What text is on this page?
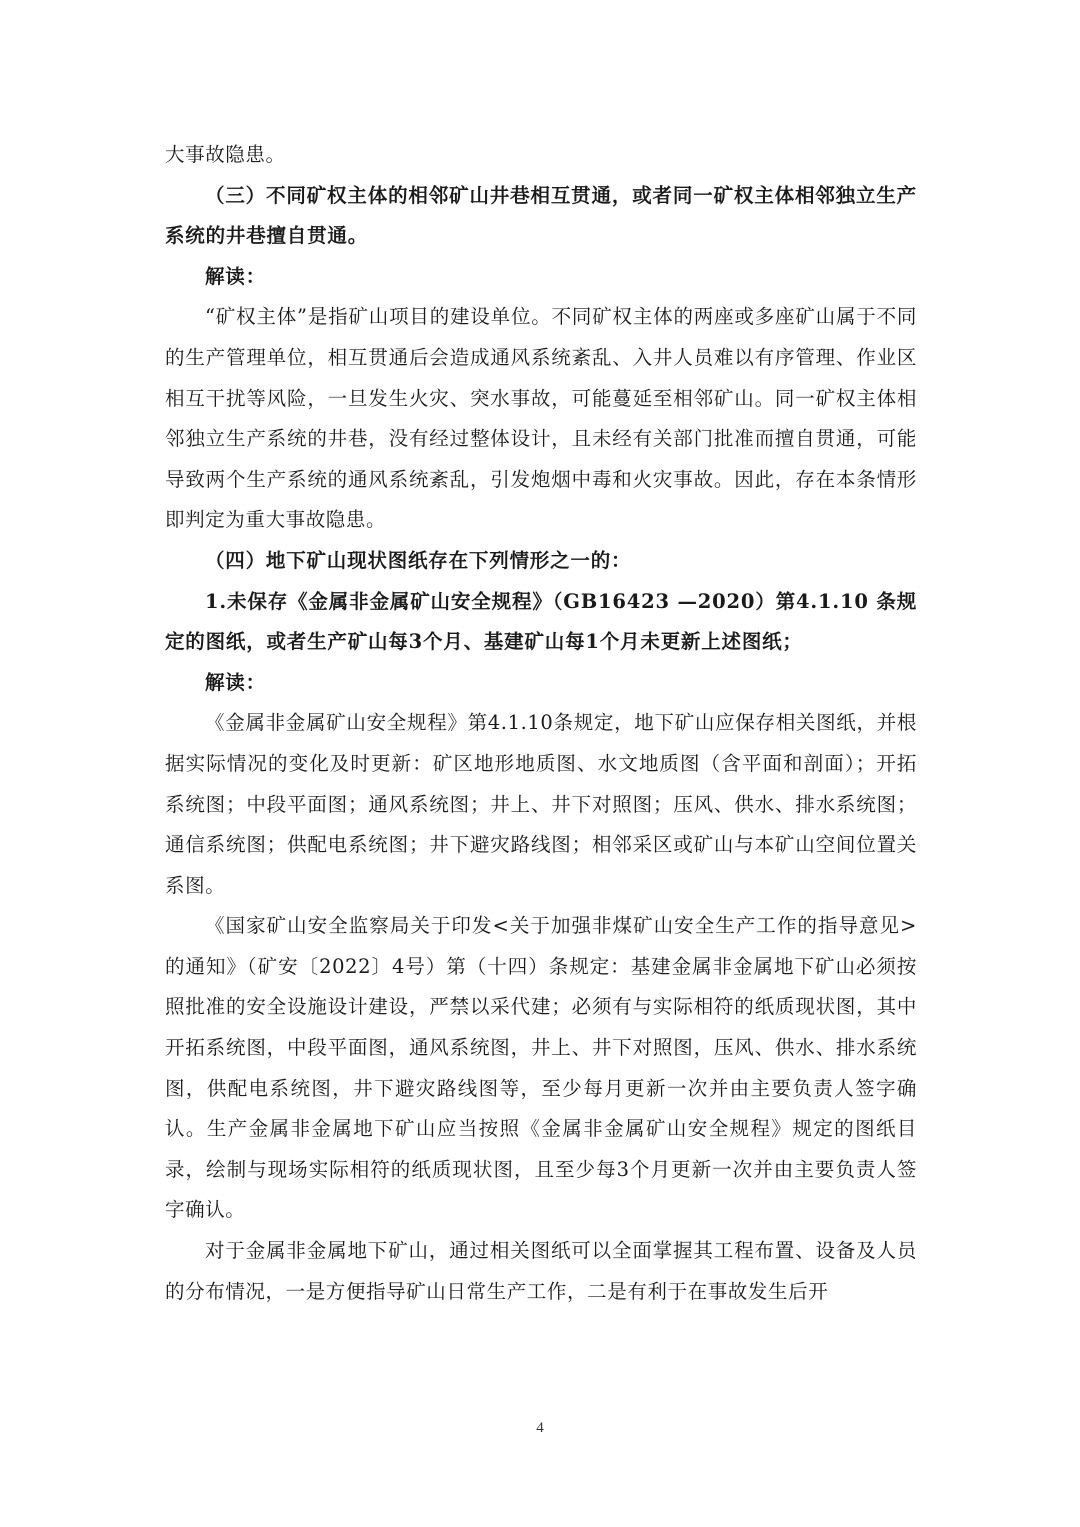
大事故隐患。

（三）不同矿权主体的相邻矿山井巷相互贯通，或者同一矿权主体相邻独立生产系统的井巷擅自贯通。

解读：

“矿权主体”是指矿山项目的建设单位。不同矿权主体的两座或多座矿山属于不同的生产管理单位，相互贯通后会造成通风系统紊乱、入井人员难以有序管理、作业区相互干扰等风险，一旦发生火灾、突水事故，可能蔓延至相邻矿山。同一矿权主体相邻独立生产系统的井巷，没有经过整体设计，且未经有关部门批准而擅自贯通，可能导致两个生产系统的通风系统紊乱，引发炮烟中毒和火灾事故。因此，存在本条情形即判定为重大事故隐患。

（四）地下矿山现状图纸存在下列情形之一的：

1.未保存《金属非金属矿山安全规程》（GB16423 —2020）第4.1.10 条规定的图纸，或者生产矿山每3个月、基建矿山每1个月未更新上述图纸；

解读：

《金属非金属矿山安全规程》第4.1.10条规定，地下矿山应保存相关图纸，并根据实际情况的变化及时更新：矿区地形地质图、水文地质图（含平面和剖面）；开拓系统图；中段平面图；通风系统图；井上、井下对照图；压风、供水、排水系统图；通信系统图；供配电系统图；井下避灾路线图；相邻采区或矿山与本矿山空间位置关系图。

《国家矿山安全监察局关于印发<关于加强非煤矿山安全生产工作的指导意见>的通知》（矿安〔2022〕4号）第（十四）条规定：基建金属非金属地下矿山必须按照批准的安全设施设计建设，严禁以采代建；必须有与实际相符的纸质现状图，其中开拓系统图，中段平面图，通风系统图，井上、井下对照图，压风、供水、排水系统图，供配电系统图，井下避灾路线图等，至少每月更新一次并由主要负责人签字确认。生产金属非金属地下矿山应当按照《金属非金属矿山安全规程》规定的图纸目录，绘制与现场实际相符的纸质现状图，且至少每3个月更新一次并由主要负责人签字确认。

对于金属非金属地下矿山，通过相关图纸可以全面掌握其工程布置、设备及人员的分布情况，一是方便指导矿山日常生产工作，二是有利于在事故发生后开

4
